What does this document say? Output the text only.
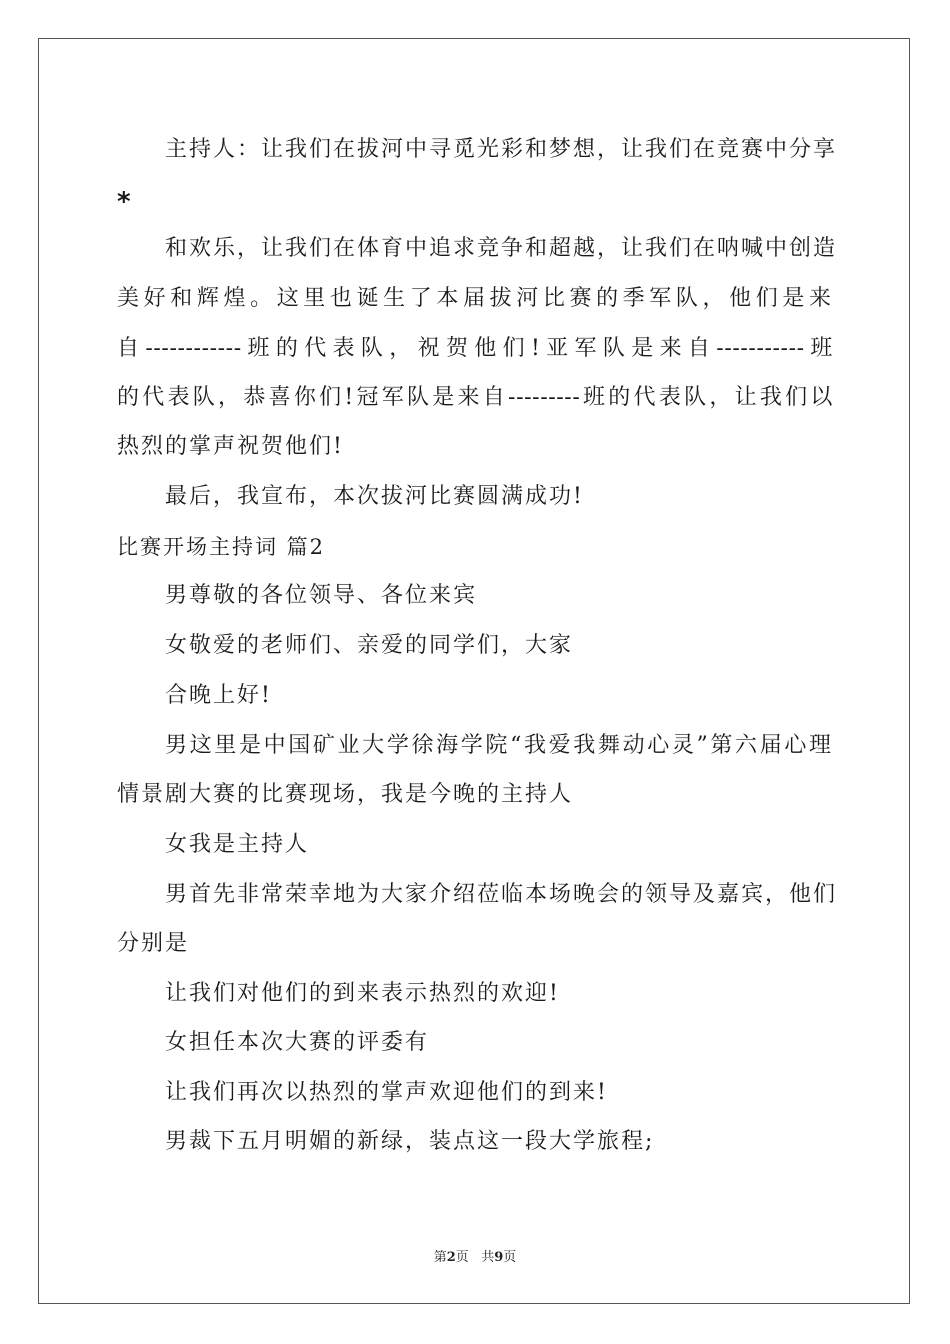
主持人：让我们在拔河中寻觅光彩和梦想，让我们在竞赛中分享
*
和欢乐，让我们在体育中追求竞争和超越，让我们在呐喊中创造
美好和辉煌。这里也诞生了本届拔河比赛的季军队，他们是来
自------------班的代表队，祝贺他们!亚军队是来自-----------班
的代表队，恭喜你们!冠军队是来自---------班的代表队，让我们以
热烈的掌声祝贺他们!
最后，我宣布，本次拔河比赛圆满成功!
比赛开场主持词 篇2
男尊敬的各位领导、各位来宾
女敬爱的老师们、亲爱的同学们，大家
合晚上好!
男这里是中国矿业大学徐海学院“我爱我舞动心灵”第六届心理
情景剧大赛的比赛现场，我是今晚的主持人
女我是主持人
男首先非常荣幸地为大家介绍莅临本场晚会的领导及嘉宾，他们
分别是
让我们对他们的到来表示热烈的欢迎!
女担任本次大赛的评委有
让我们再次以热烈的掌声欢迎他们的到来!
男裁下五月明媚的新绿，装点这一段大学旅程;
第2页 共9页
